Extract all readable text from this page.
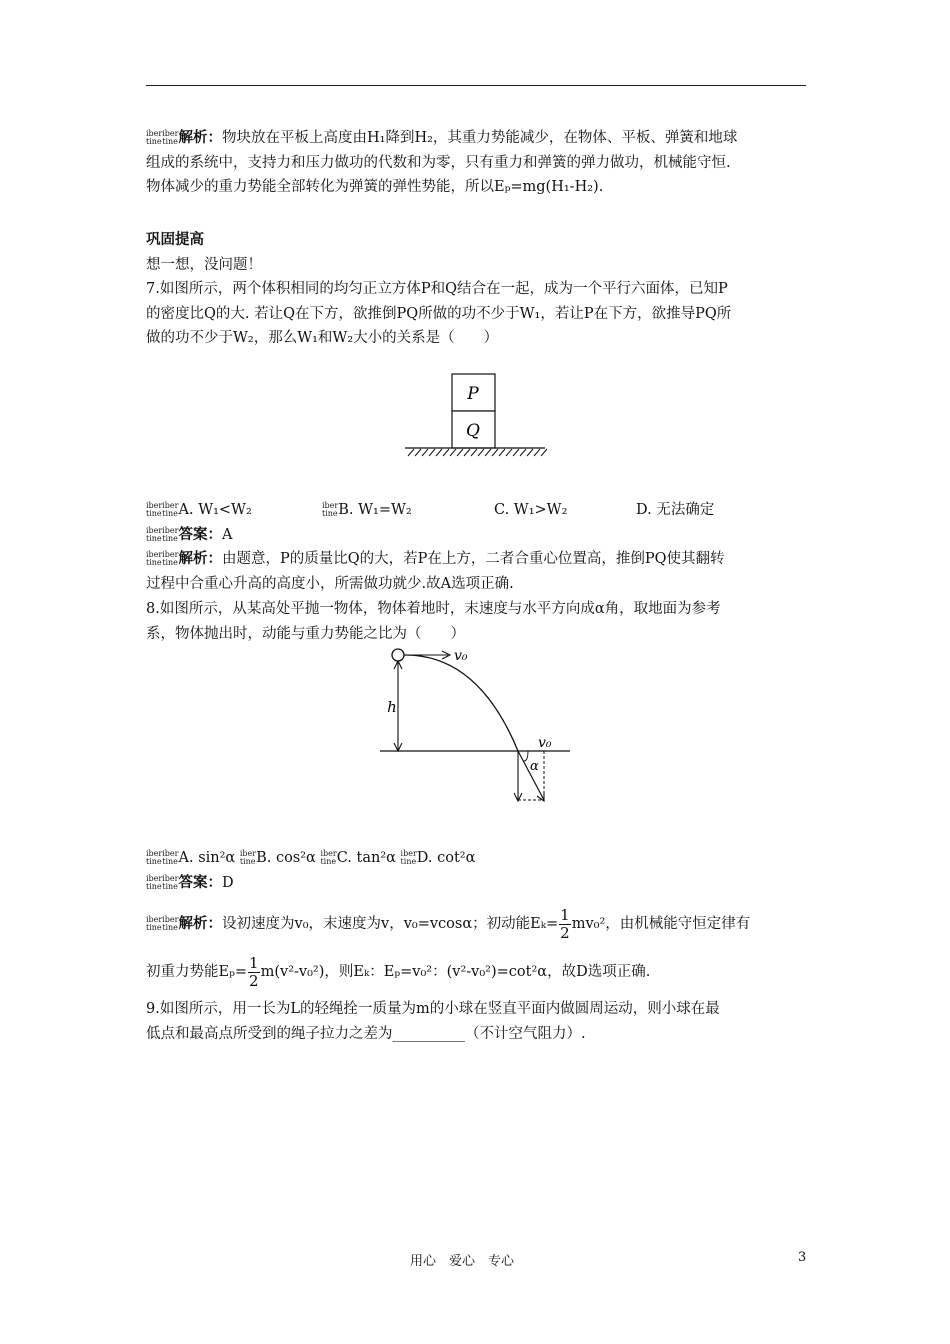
iber
tine
iber
tine 解析：物块放在平板上高度由H₁降到H₂，其重力势能减少，在物体、平板、弹簧和地球
组成的系统中，支持力和压力做功的代数和为零，只有重力和弹簧的弹力做功，机械能守恒.
物体减少的重力势能全部转化为弹簧的弹性势能，所以Eₚ=mg(H₁-H₂).
巩固提高
想一想，没问题！
7.如图所示，两个体积相同的均匀正立方体P和Q结合在一起，成为一个平行六面体，已知P
的密度比Q的大. 若让Q在下方，欲推倒PQ所做的功不少于W₁，若让P在下方，欲推导PQ所
做的功不少于W₂，那么W₁和W₂大小的关系是（　　）
P
Q
iber
tine
iber
tine A. W₁<W₂	iber
tine B. W₁=W₂	C. W₁>W₂	D. 无法确定
iber
tine
iber
tine 答案：A
iber
tine
iber
tine 解析：由题意，P的质量比Q的大，若P在上方，二者合重心位置高，推倒PQ使其翻转
过程中合重心升高的高度小，所需做功就少.故A选项正确.
8.如图所示，从某高处平抛一物体，物体着地时，末速度与水平方向成α角，取地面为参考
系，物体抛出时，动能与重力势能之比为（　　）
v₀
h
v₀
α
iber
tine
iber
tine A. sin²α iber
tine B. cos²α iber
tine C. tan²α iber
tine D. cot²α
iber
tine
iber
tine 答案：D
iber
tine
iber
tine 解析：设初速度为v₀，末速度为v，v₀=vcosα；初动能$E_k= \frac{1}{2} mv_0^2$，由机械能守恒定律有
初重力势能$E_p= \frac{1}{2} m(v^2-v_0^2)$，则Eₖ：Eₚ=v₀²：(v²-v₀²)=cot²α，故D选项正确.
9.如图所示，用一长为L的轻绳拴一质量为m的小球在竖直平面内做圆周运动，则小球在最
低点和最高点所受到的绳子拉力之差为__________（不计空气阻力）.
用心　爱心　专心	3
